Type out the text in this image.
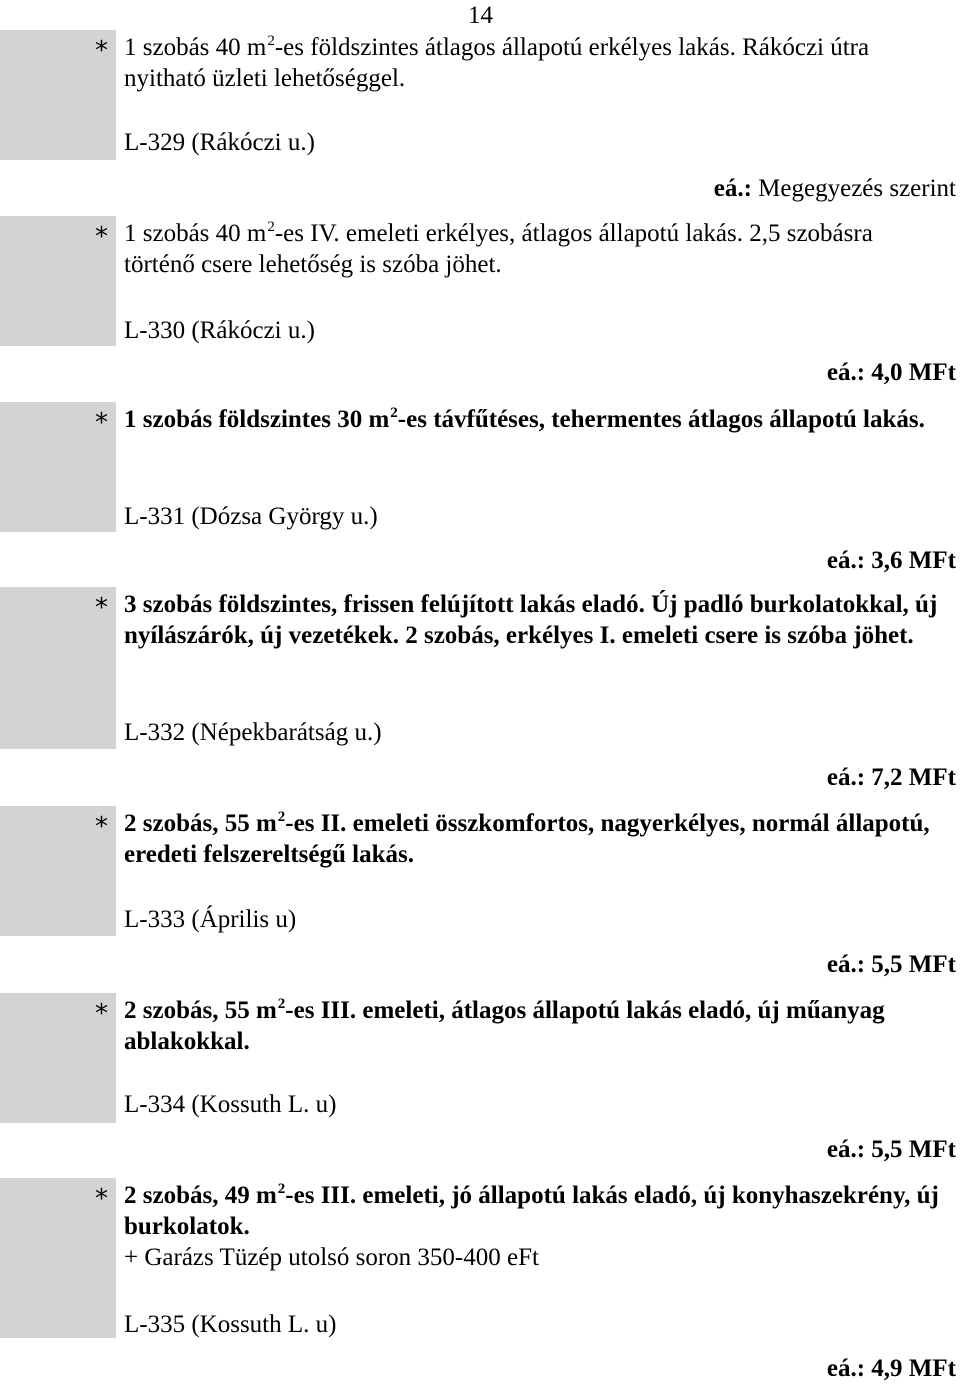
14
* 1 szobás 40 $m^2-es$ földszintes átlagos állapotú erkélyes lakás. Rákóczi útra nyitható üzleti lehetőséggel.
L-329 (Rákóczi u.)
eá.: Megegyezés szerint
* 1 szobás 40 $m^2-es$ IV. emeleti erkélyes, átlagos állapotú lakás. 2,5 szobásra történő csere lehetőség is szóba jöhet.
L-330 (Rákóczi u.)
eá.: 4,0 MFt
* 1 szobás földszintes 30 $m^2-es$ távfűtéses, tehermentes átlagos állapotú lakás.
L-331 (Dózsa György u.)
eá.: 3,6 MFt
* 3 szobás földszintes, frissen felújított lakás eladó. Új padló burkolatokkal, új nyílászárók, új vezetékek. 2 szobás, erkélyes I. emeleti csere is szóba jöhet.
L-332 (Népekbarátság u.)
eá.: 7,2 MFt
* 2 szobás, 55 $m^2-es$ II. emeleti összkomfortos, nagyerkélyes, normál állapotú, eredeti felszereltségű lakás.
L-333 (Április u)
eá.: 5,5 MFt
* 2 szobás, 55 $m^2-es$ III. emeleti, átlagos állapotú lakás eladó, új műanyag ablakokkal.
L-334 (Kossuth L. u)
eá.: 5,5 MFt
* 2 szobás, 49 $m^2-es$ III. emeleti, jó állapotú lakás eladó, új konyhaszekrény, új burkolatok.
+ Garázs Tüzép utolsó soron 350-400 eFt
L-335 (Kossuth L. u)
eá.: 4,9 MFt
